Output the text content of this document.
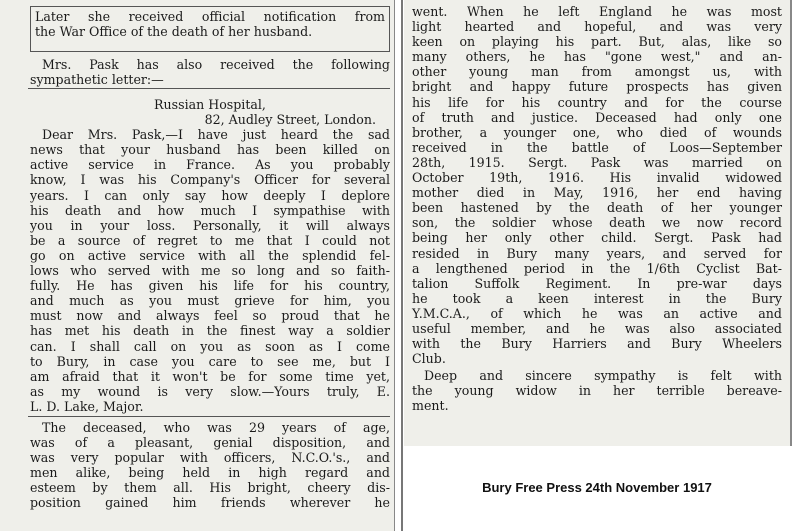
Later she received official notification from

the War Office of the death of her husband.

Mrs. Pask has also received the following

sympathetic letter:—

Russian Hospital,

82, Audley Street, London.

Dear Mrs. Pask,—I have just heard the sad

news that your husband has been killed on

active service in France. As you probably

know, I was his Company's Officer for several

years. I can only say how deeply I deplore

his death and how much I sympathise with

you in your loss. Personally, it will always

be a source of regret to me that I could not

go on active service with all the splendid fel-

lows who served with me so long and so faith-

fully. He has given his life for his country,

and much as you must grieve for him, you

must now and always feel so proud that he

has met his death in the finest way a soldier

can. I shall call on you as soon as I come

to Bury, in case you care to see me, but I

am afraid that it won't be for some time yet,

as my wound is very slow.—Yours truly, E.

L. D. Lake, Major.

The deceased, who was 29 years of age,

was of a pleasant, genial disposition, and

was very popular with officers, N.C.O.'s., and

men alike, being held in high regard and

esteem by them all. His bright, cheery dis-

position gained him friends wherever he

went. When he left England he was most

light hearted and hopeful, and was very

keen on playing his part. But, alas, like so

many others, he has "gone west," and an-

other young man from amongst us, with

bright and happy future prospects has given

his life for his country and for the course

of truth and justice. Deceased had only one

brother, a younger one, who died of wounds

received in the battle of Loos—September

28th, 1915. Sergt. Pask was married on

October 19th, 1916. His invalid widowed

mother died in May, 1916, her end having

been hastened by the death of her younger

son, the soldier whose death we now record

being her only other child. Sergt. Pask had

resided in Bury many years, and served for

a lengthened period in the 1/6th Cyclist Bat-

talion Suffolk Regiment. In pre-war days

he took a keen interest in the Bury

Y.M.C.A., of which he was an active and

useful member, and he was also associated

with the Bury Harriers and Bury Wheelers

Club.

Deep and sincere sympathy is felt with

the young widow in her terrible bereave-

ment.

Bury Free Press 24th November 1917
